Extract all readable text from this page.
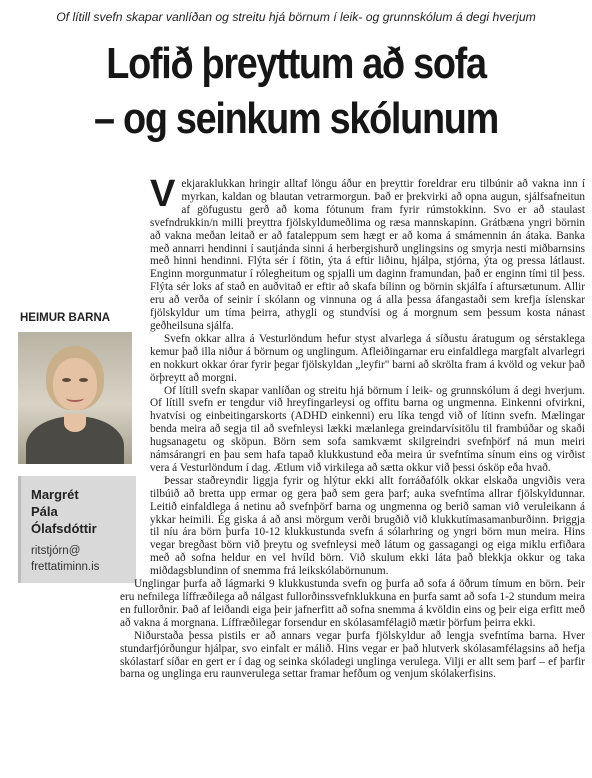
Of lítill svefn skapar vanlíðan og streitu hjá börnum í leik- og grunnskólum á degi hverjum
Lofið þreyttum að sofa
– og seinkum skólunum
HEIMUR BARNA
Margrét
Pála
Ólafsdóttir
ritstjórn@
frettatiminn.is
Vekjaraklukkan hringir alltaf löngu áður en þreyttir foreldrar eru tilbúnir að vakna inn í myrkan, kaldan og blautan vetrarmorgun. Það er þrekvirki að opna augun, sjálfsafneitun af göfugustu gerð að koma fótunum fram fyrir rúmstokkinn. Svo er að staulast svefndrukkin/n milli þreyttra fjölskyldumeðlima og ræsa mannskapinn. Grátbæna yngri börnin að vakna meðan leitað er að fataleppum sem hægt er að koma á smámennin án átaka. Banka með annarri hendinni í sautjánda sinni á herbergishurð unglingsins og smyrja nesti miðbarnsins með hinni hendinni. Flýta sér í fötin, ýta á eftir liðinu, hjálpa, stjórna, ýta og pressa látlaust. Enginn morgunmatur í rólegheitum og spjalli um daginn framundan, það er enginn tími til þess. Flýta sér loks af stað en auðvitað er eftir að skafa bílinn og börnin skjálfa í aftursætunum. Allir eru að verða of seinir í skólann og vinnuna og á alla þessa áfangastaði sem krefja íslenskar fjölskyldur um tíma þeirra, athygli og stundvísi og á morgnum sem þessum kosta nánast geðheilsuna sjálfa.
Svefn okkar allra á Vesturlöndum hefur styst alvarlega á síðustu áratugum og sérstaklega kemur það illa niður á börnum og unglingum. Afleiðingarnar eru einfaldlega margfalt alvarlegri en nokkurt okkar órar fyrir þegar fjölskyldan „leyfir" barni að skrölta fram á kvöld og vekur það örþreytt að morgni.
Of lítill svefn skapar vanlíðan og streitu hjá börnum í leik- og grunnskólum á degi hverjum. Of lítill svefn er tengdur við hreyfingarleysi og offitu barna og ungmenna. Einkenni ofvirkni, hvatvísi og einbeitingarskorts (ADHD einkenni) eru líka tengd við of lítinn svefn. Mælingar benda meira að segja til að svefnleysi lækki mælanlega greindarvísitölu til frambúðar og skaði hugsanagetu og sköpun. Börn sem sofa samkvæmt skilgreindri svefnþörf ná mun meiri námsárangri en þau sem hafa tapað klukkustund eða meira úr svefntíma sínum eins og virðist vera á Vesturlöndum í dag. Ætlum við virkilega að sætta okkur við þessi ósköp eða hvað.
Þessar staðreyndir liggja fyrir og hlýtur ekki allt forráðafólk okkar elskaða ungviðis vera tilbúið að bretta upp ermar og gera það sem gera þarf; auka svefntíma allrar fjölskyldunnar. Leitið einfaldlega á netinu að svefnþörf barna og ungmenna og berið saman við veruleikann á ykkar heimili. Ég giska á að ansi mörgum verði brugðið við klukkutímasamanburðinn. Þriggja til níu ára börn þurfa 10-12 klukkustunda svefn á sólarhring og yngri börn mun meira. Hins vegar bregðast börn við þreytu og svefnleysi með látum og gassagangi og eiga miklu erfiðara með að sofna heldur en vel hvíld börn. Við skulum ekki láta það blekkja okkur og taka miðdagsblundinn of snemma frá leikskólabörnunum.
Unglingar þurfa að lágmarki 9 klukkustunda svefn og þurfa að sofa á öðrum tímum en börn. Þeir eru nefnilega líffræðilega að nálgast fullorðinssvefnklukkuna en þurfa samt að sofa 1-2 stundum meira en fullorðnir. Það af leiðandi eiga þeir jafnerfitt að sofna snemma á kvöldin eins og þeir eiga erfitt með að vakna á morgnana. Líffræðilegar forsendur en skólasamfélagið mætir þörfum þeirra ekki.
Niðurstaða þessa pistils er að annars vegar þurfa fjölskyldur að lengja svefntíma barna. Hver stundarfjórðungur hjálpar, svo einfalt er málið. Hins vegar er það hlutverk skólasamfélagsins að hefja skólastarf síðar en gert er í dag og seinka skóladegi unglinga verulega. Vilji er allt sem þarf – ef þarfir barna og unglinga eru raunverulega settar framar hefðum og venjum skólakerfisins.
